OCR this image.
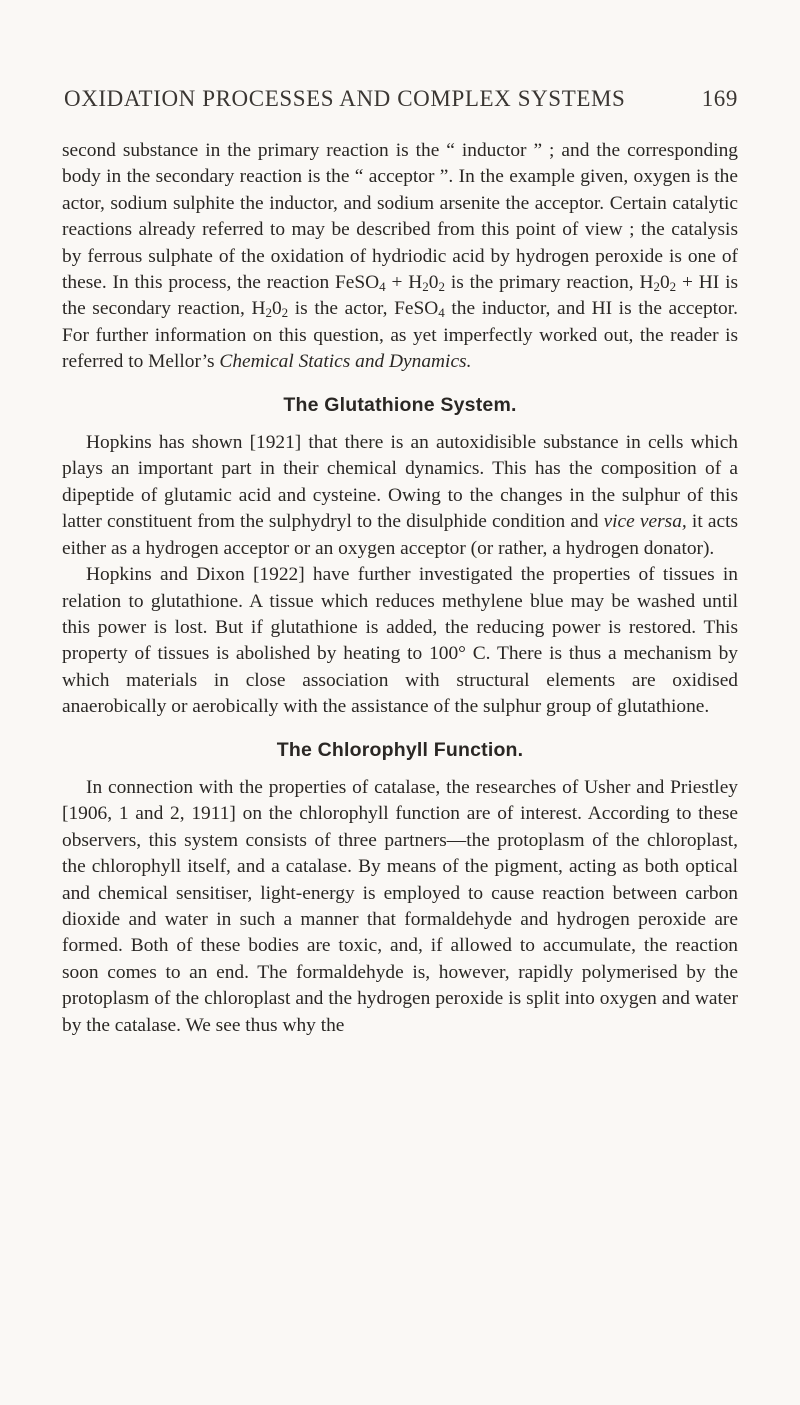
OXIDATION PROCESSES AND COMPLEX SYSTEMS	169

second substance in the primary reaction is the “ inductor ” ; and the corresponding body in the secondary reaction is the “ acceptor ”. In the example given, oxygen is the actor, sodium sulphite the inductor, and sodium arsenite the acceptor. Certain catalytic reactions already referred to may be described from this point of view ; the catalysis by ferrous sulphate of the oxidation of hydriodic acid by hydrogen peroxide is one of these. In this process, the reaction FeSO$_4$ + $H_20_2$ is the primary reaction, $H_20_2$ + HI is the secondary reaction, $H_20_2$ is the actor, FeSO$_4$ the inductor, and HI is the acceptor. For further information on this question, as yet imperfectly worked out, the reader is referred to Mellor’s Chemical Statics and Dynamics.

The Glutathione System.

Hopkins has shown [1921] that there is an autoxidisible substance in cells which plays an important part in their chemical dynamics. This has the composition of a dipeptide of glutamic acid and cysteine. Owing to the changes in the sulphur of this latter constituent from the sulphydryl to the disulphide condition and vice versa, it acts either as a hydrogen acceptor or an oxygen acceptor (or rather, a hydrogen donator).

Hopkins and Dixon [1922] have further investigated the properties of tissues in relation to glutathione. A tissue which reduces methylene blue may be washed until this power is lost. But if glutathione is added, the reducing power is restored. This property of tissues is abolished by heating to 100° C. There is thus a mechanism by which materials in close association with structural elements are oxidised anaerobically or aerobically with the assistance of the sulphur group of glutathione.

The Chlorophyll Function.

In connection with the properties of catalase, the researches of Usher and Priestley [1906, 1 and 2, 1911] on the chlorophyll function are of interest. According to these observers, this system consists of three partners—the protoplasm of the chloroplast, the chlorophyll itself, and a catalase. By means of the pigment, acting as both optical and chemical sensitiser, light-energy is employed to cause reaction between carbon dioxide and water in such a manner that formaldehyde and hydrogen peroxide are formed. Both of these bodies are toxic, and, if allowed to accumulate, the reaction soon comes to an end. The formaldehyde is, however, rapidly polymerised by the protoplasm of the chloroplast and the hydrogen peroxide is split into oxygen and water by the catalase. We see thus why the
